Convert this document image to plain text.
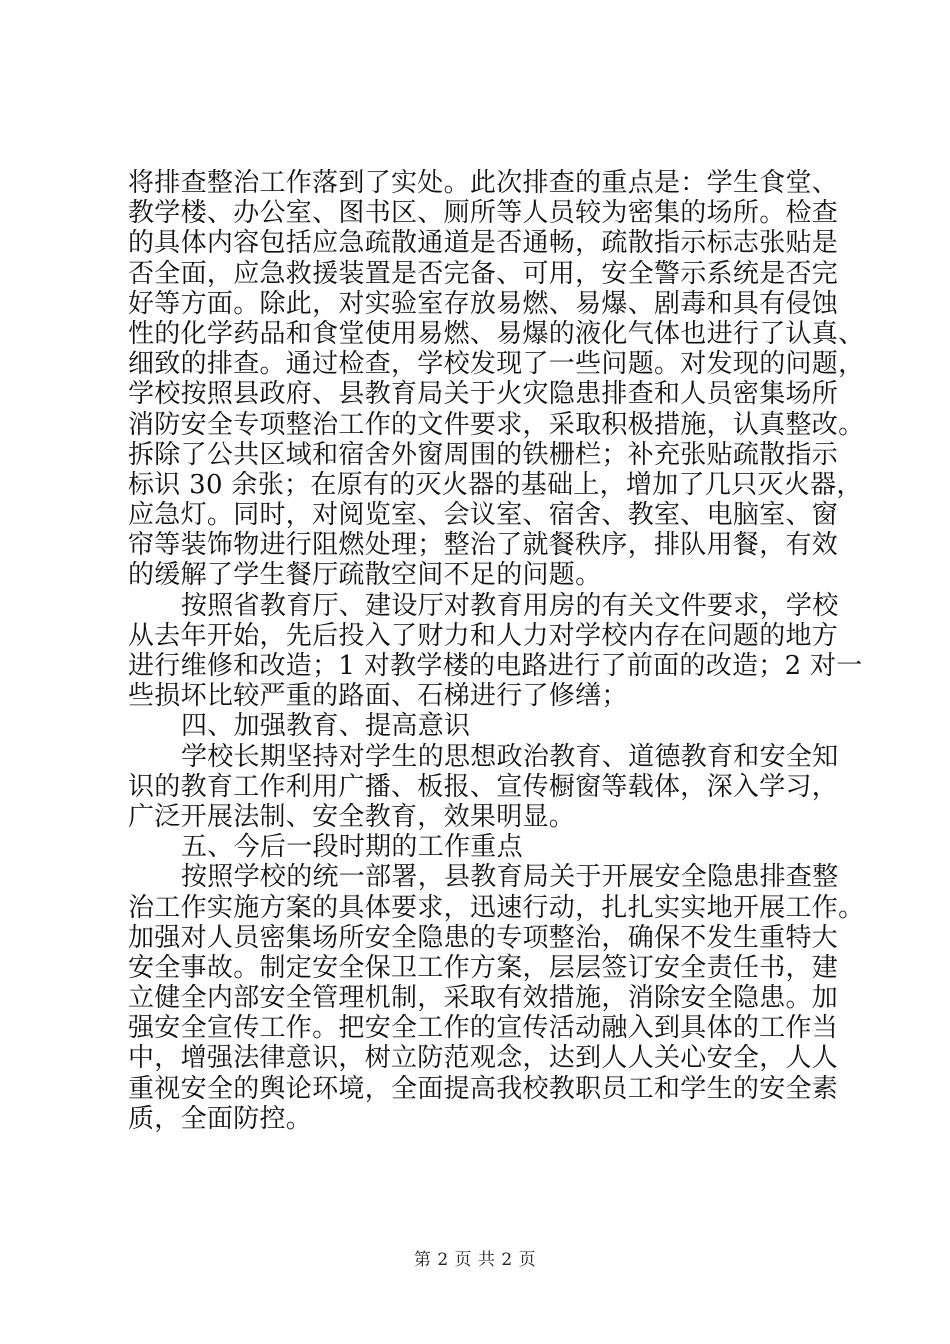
将排查整治工作落到了实处。此次排查的重点是：学生食堂、
教学楼、办公室、图书区、厕所等人员较为密集的场所。检查
的具体内容包括应急疏散通道是否通畅，疏散指示标志张贴是
否全面，应急救援装置是否完备、可用，安全警示系统是否完
好等方面。除此，对实验室存放易燃、易爆、剧毒和具有侵蚀
性的化学药品和食堂使用易燃、易爆的液化气体也进行了认真、
细致的排查。通过检查，学校发现了一些问题。对发现的问题，
学校按照县政府、县教育局关于火灾隐患排查和人员密集场所
消防安全专项整治工作的文件要求，采取积极措施，认真整改。
拆除了公共区域和宿舍外窗周围的铁栅栏；补充张贴疏散指示
标识 30 余张；在原有的灭火器的基础上，增加了几只灭火器，
应急灯。同时，对阅览室、会议室、宿舍、教室、电脑室、窗
帘等装饰物进行阻燃处理；整治了就餐秩序，排队用餐，有效
的缓解了学生餐厅疏散空间不足的问题。
按照省教育厅、建设厅对教育用房的有关文件要求，学校
从去年开始，先后投入了财力和人力对学校内存在问题的地方
进行维修和改造；1 对教学楼的电路进行了前面的改造；2 对一
些损坏比较严重的路面、石梯进行了修缮；
四、加强教育、提高意识
学校长期坚持对学生的思想政治教育、道德教育和安全知
识的教育工作利用广播、板报、宣传橱窗等载体，深入学习，
广泛开展法制、安全教育，效果明显。
五、今后一段时期的工作重点
按照学校的统一部署，县教育局关于开展安全隐患排查整
治工作实施方案的具体要求，迅速行动，扎扎实实地开展工作。
加强对人员密集场所安全隐患的专项整治，确保不发生重特大
安全事故。制定安全保卫工作方案，层层签订安全责任书，建
立健全内部安全管理机制，采取有效措施，消除安全隐患。加
强安全宣传工作。把安全工作的宣传活动融入到具体的工作当
中，增强法律意识，树立防范观念，达到人人关心安全，人人
重视安全的舆论环境，全面提高我校教职员工和学生的安全素
质，全面防控。
第 2 页 共 2 页
